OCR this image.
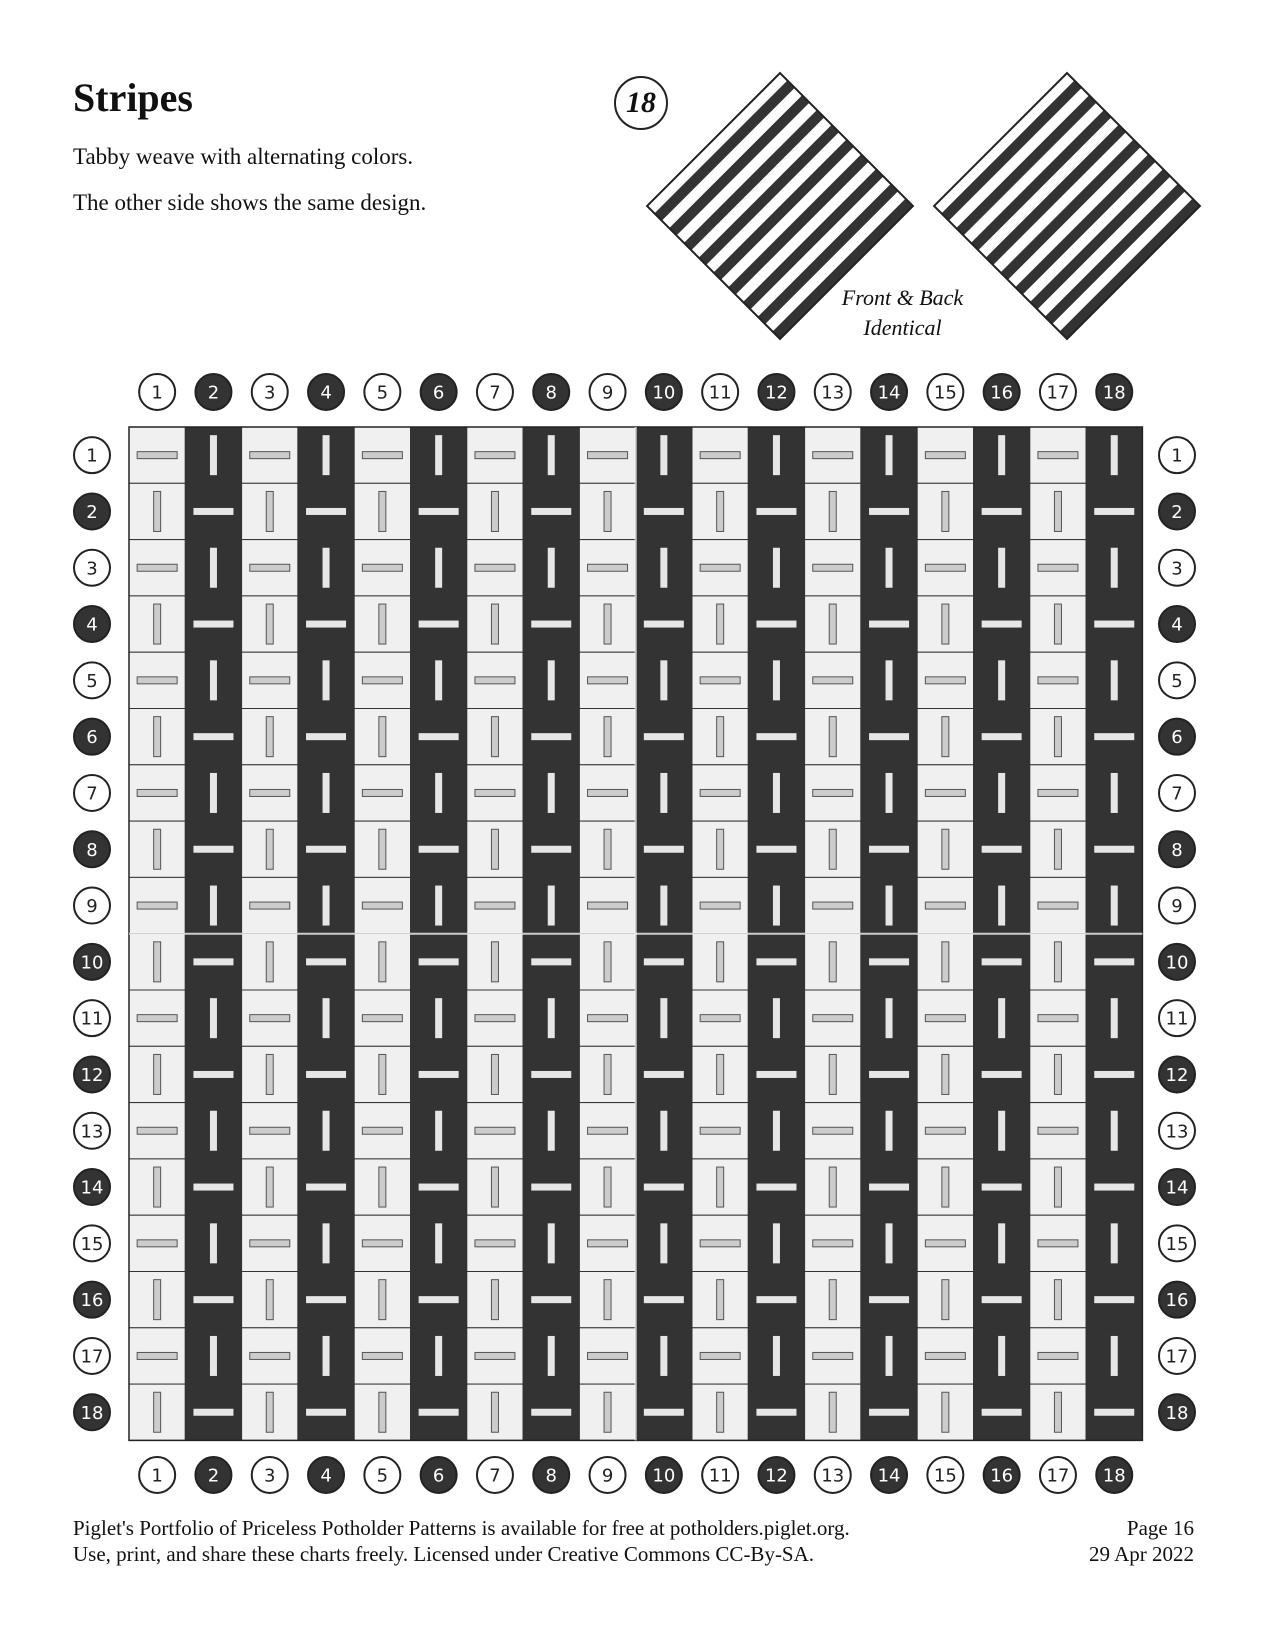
Stripes

Tabby weave with alternating colors.

The other side shows the same design.

18
1
1
2
2
3
3
4
4
5
5
6
6
7
7
8
8
9
9
10
10
11
11
12
12
13
13
14
14
15
15
16
16
17
17
18
18
1	1
2	2
3	3
4	4
5	5
6	6
7	7
8	8
9	9
10	10
11	11
12	12
13	13
14	14
15	15
16	16
17	17
18	18
Front & Back
Identical
Piglet's Portfolio of Priceless Potholder Patterns is available for free at potholders.piglet.org.
Use, print, and share these charts freely. Licensed under Creative Commons CC-By-SA.
Page 16
29 Apr 2022
